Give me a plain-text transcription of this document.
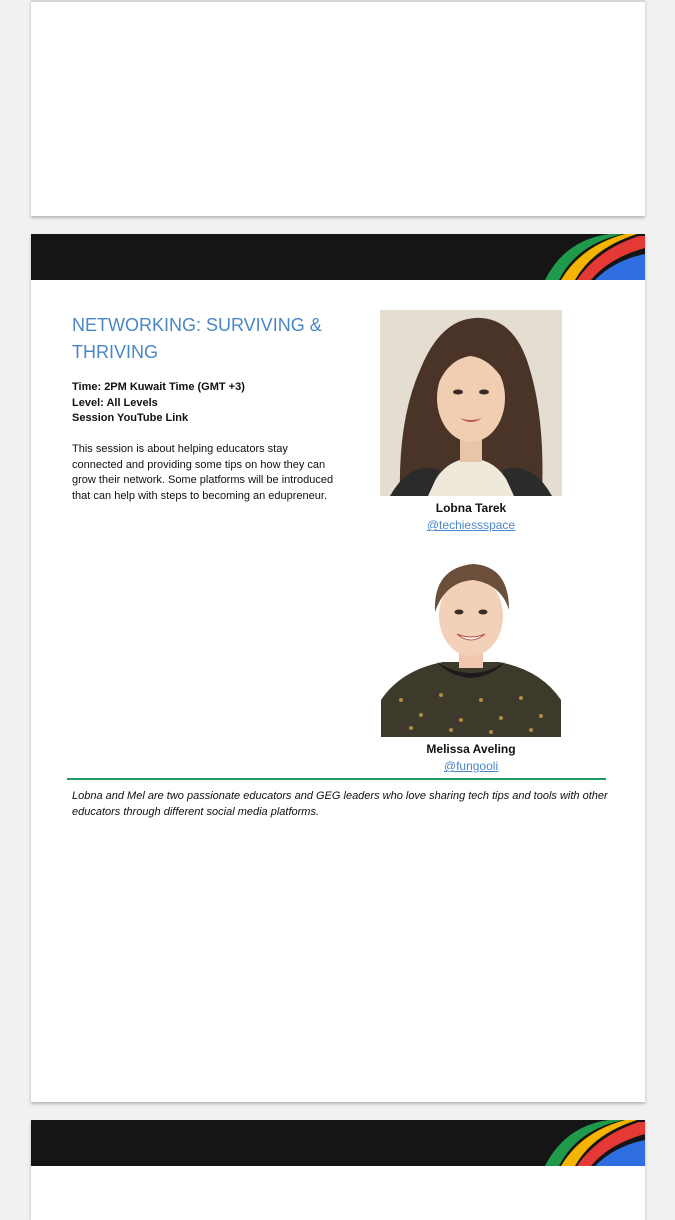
NETWORKING: SURVIVING & THRIVING
Time: 2PM Kuwait Time (GMT +3)
Level: All Levels
Session YouTube Link

This session is about helping educators stay connected and providing some tips on how they can grow their network. Some platforms will be introduced that can help with steps to becoming an edupreneur.

Lobna Tarek
@techiessspace
Melissa Aveling
@fungooli

Lobna and Mel are two passionate educators and GEG leaders who love sharing tech tips and tools with other educators through different social media platforms.
